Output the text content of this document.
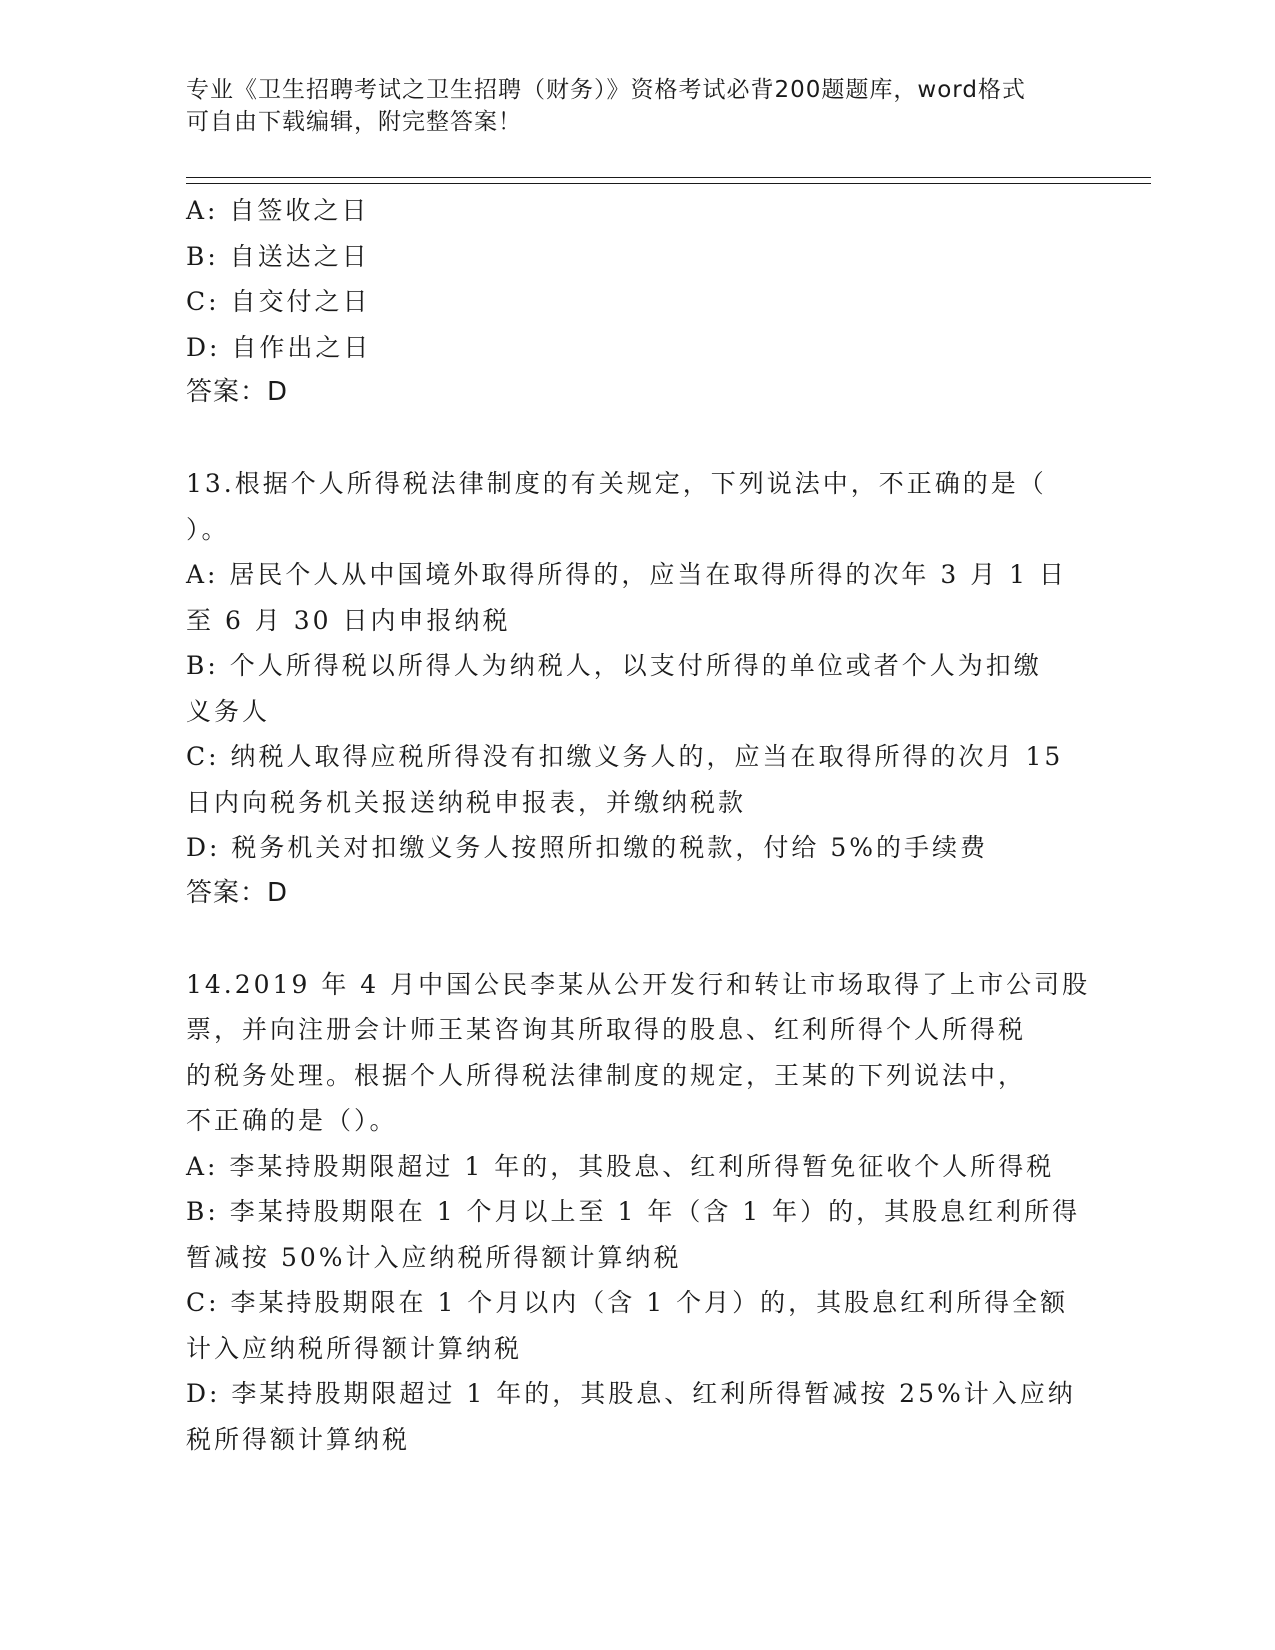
专业《卫生招聘考试之卫生招聘（财务）》资格考试必背200题题库，word格式
可自由下载编辑，附完整答案！
A: 自签收之日
B: 自送达之日
C: 自交付之日
D: 自作出之日
答案：D
13.根据个人所得税法律制度的有关规定，下列说法中，不正确的是（
）。
A: 居民个人从中国境外取得所得的，应当在取得所得的次年 3 月 1 日
至 6 月 30 日内申报纳税
B: 个人所得税以所得人为纳税人，以支付所得的单位或者个人为扣缴
义务人
C: 纳税人取得应税所得没有扣缴义务人的，应当在取得所得的次月 15
日内向税务机关报送纳税申报表，并缴纳税款
D: 税务机关对扣缴义务人按照所扣缴的税款，付给 5%的手续费
答案：D
14.2019 年 4 月中国公民李某从公开发行和转让市场取得了上市公司股
票，并向注册会计师王某咨询其所取得的股息、红利所得个人所得税
的税务处理。根据个人所得税法律制度的规定，王某的下列说法中，
不正确的是（）。
A: 李某持股期限超过 1 年的，其股息、红利所得暂免征收个人所得税
B: 李某持股期限在 1 个月以上至 1 年（含 1 年）的，其股息红利所得
暂减按 50%计入应纳税所得额计算纳税
C: 李某持股期限在 1 个月以内（含 1 个月）的，其股息红利所得全额
计入应纳税所得额计算纳税
D: 李某持股期限超过 1 年的，其股息、红利所得暂减按 25%计入应纳
税所得额计算纳税
